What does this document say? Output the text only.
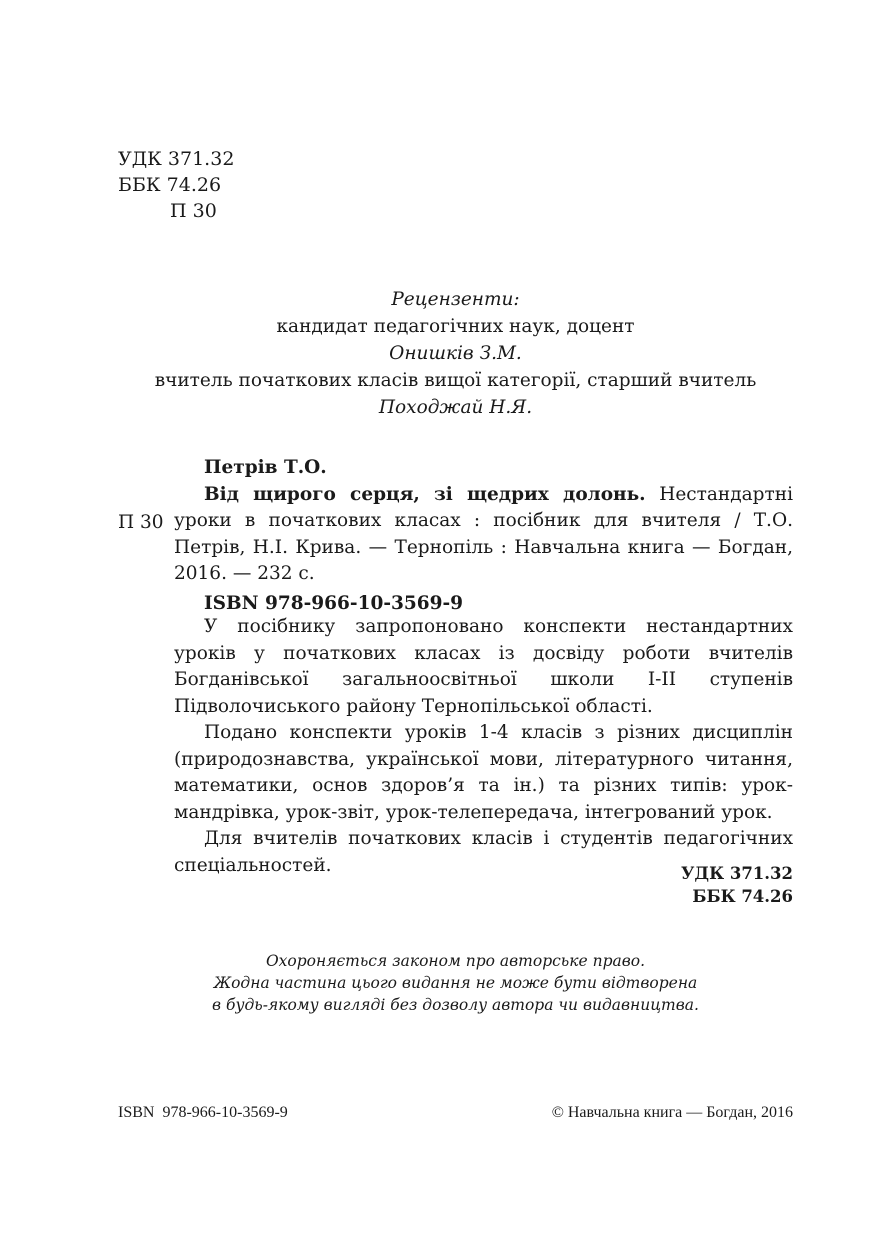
УДК 371.32
ББК 74.26
П 30
Рецензенти:
кандидат педагогічних наук, доцент
Онишків З.М.
вчитель початкових класів вищої категорії, старший вчитель
Походжай Н.Я.
П 30
Петрів Т.О.
Від щирого серця, зі щедрих долонь. Нестандартні уроки в початкових класах : посібник для вчителя / Т.О. Петрів, Н.І. Крива. — Тернопіль : Навчальна книга — Богдан, 2016. — 232 с.
ISBN 978-966-10-3569-9

У посібнику запропоновано конспекти нестандартних уроків у початкових класах із досвіду роботи вчителів Богданівської загальноосвітньої школи І-ІІ ступенів Підволочиського району Тернопільської області.

Подано конспекти уроків 1-4 класів з різних дисциплін (природознавства, української мови, літературного читання, математики, основ здоров’я та ін.) та різних типів: урок-мандрівка, урок-звіт, урок-телепередача, інтегрований урок.

Для вчителів початкових класів і студентів педагогічних спеціальностей.	УДК 371.32
ББК 74.26
Охороняється законом про авторське право.
Жодна частина цього видання не може бути відтворена
в будь-якому вигляді без дозволу автора чи видавництва.
ISBN  978-966-10-3569-9	© Навчальна книга — Богдан, 2016
